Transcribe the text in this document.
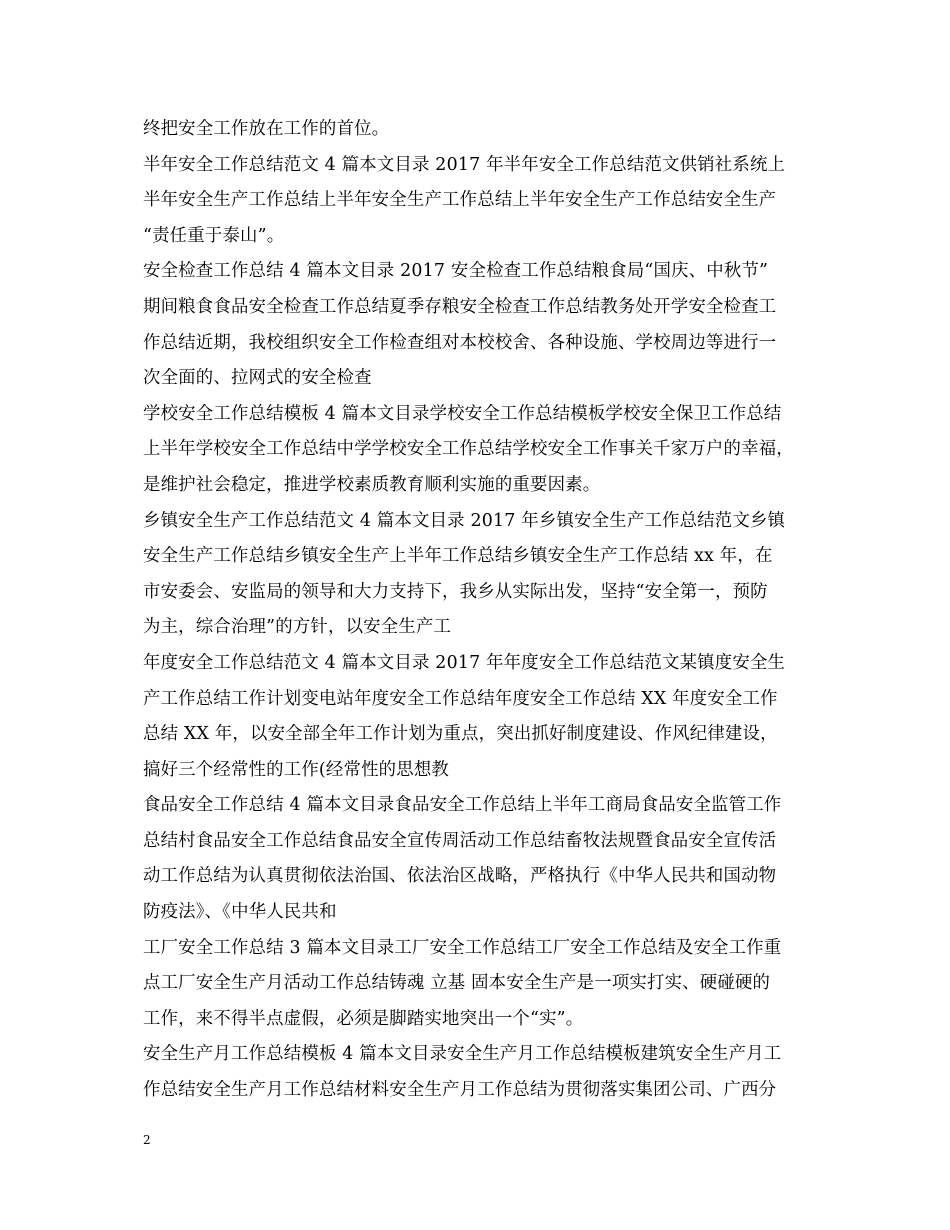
终把安全工作放在工作的首位。
半年安全工作总结范文 4 篇本文目录 2017 年半年安全工作总结范文供销社系统上
半年安全生产工作总结上半年安全生产工作总结上半年安全生产工作总结安全生产
“责任重于泰山”。
安全检查工作总结 4 篇本文目录 2017 安全检查工作总结粮食局“国庆、中秋节”
期间粮食食品安全检查工作总结夏季存粮安全检查工作总结教务处开学安全检查工
作总结近期，我校组织安全工作检查组对本校校舍、各种设施、学校周边等进行一
次全面的、拉网式的安全检查
学校安全工作总结模板 4 篇本文目录学校安全工作总结模板学校安全保卫工作总结
上半年学校安全工作总结中学学校安全工作总结学校安全工作事关千家万户的幸福，
是维护社会稳定，推进学校素质教育顺利实施的重要因素。
乡镇安全生产工作总结范文 4 篇本文目录 2017 年乡镇安全生产工作总结范文乡镇
安全生产工作总结乡镇安全生产上半年工作总结乡镇安全生产工作总结 xx 年，在
市安委会、安监局的领导和大力支持下，我乡从实际出发，坚持“安全第一，预防
为主，综合治理”的方针，以安全生产工
年度安全工作总结范文 4 篇本文目录 2017 年年度安全工作总结范文某镇度安全生
产工作总结工作计划变电站年度安全工作总结年度安全工作总结 XX 年度安全工作
总结 XX 年，以安全部全年工作计划为重点，突出抓好制度建设、作风纪律建设，
搞好三个经常性的工作(经常性的思想教
食品安全工作总结 4 篇本文目录食品安全工作总结上半年工商局食品安全监管工作
总结村食品安全工作总结食品安全宣传周活动工作总结畜牧法规暨食品安全宣传活
动工作总结为认真贯彻依法治国、依法治区战略，严格执行《中华人民共和国动物
防疫法》、《中华人民共和
工厂安全工作总结 3 篇本文目录工厂安全工作总结工厂安全工作总结及安全工作重
点工厂安全生产月活动工作总结铸魂 立基 固本安全生产是一项实打实、硬碰硬的
工作，来不得半点虚假，必须是脚踏实地突出一个“实”。
安全生产月工作总结模板 4 篇本文目录安全生产月工作总结模板建筑安全生产月工
作总结安全生产月工作总结材料安全生产月工作总结为贯彻落实集团公司、广西分
2
